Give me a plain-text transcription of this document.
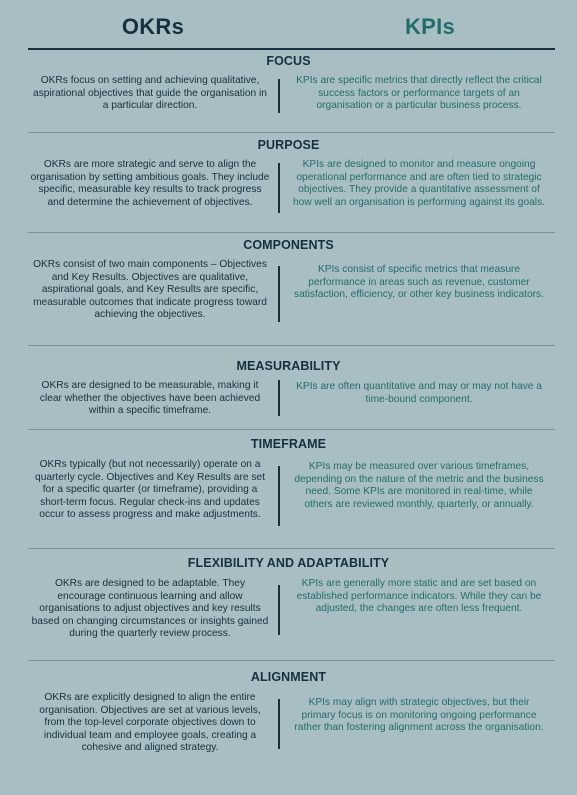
OKRs	KPIs
FOCUS
OKRs focus on setting and achieving qualitative, aspirational objectives that guide the organisation in a particular direction.
KPIs are specific metrics that directly reflect the critical success factors or performance targets of an organisation or a particular business process.
PURPOSE
OKRs are more strategic and serve to align the organisation by setting ambitious goals. They include specific, measurable key results to track progress and determine the achievement of objectives.
KPIs are designed to monitor and measure ongoing operational performance and are often tied to strategic objectives. They provide a quantitative assessment of how well an organisation is performing against its goals.
COMPONENTS
OKRs consist of two main components – Objectives and Key Results. Objectives are qualitative, aspirational goals, and Key Results are specific, measurable outcomes that indicate progress toward achieving the objectives.
KPIs consist of specific metrics that measure performance in areas such as revenue, customer satisfaction, efficiency, or other key business indicators.
MEASURABILITY
OKRs are designed to be measurable, making it clear whether the objectives have been achieved within a specific timeframe.
KPIs are often quantitative and may or may not have a time-bound component.
TIMEFRAME
OKRs typically (but not necessarily) operate on a quarterly cycle. Objectives and Key Results are set for a specific quarter (or timeframe), providing a short-term focus. Regular check-ins and updates occur to assess progress and make adjustments.
KPIs may be measured over various timeframes, depending on the nature of the metric and the business need. Some KPIs are monitored in real-time, while others are reviewed monthly, quarterly, or annually.
FLEXIBILITY AND ADAPTABILITY
OKRs are designed to be adaptable. They encourage continuous learning and allow organisations to adjust objectives and key results based on changing circumstances or insights gained during the quarterly review process.
KPIs are generally more static and are set based on established performance indicators. While they can be adjusted, the changes are often less frequent.
ALIGNMENT
OKRs are explicitly designed to align the entire organisation. Objectives are set at various levels, from the top-level corporate objectives down to individual team and employee goals, creating a cohesive and aligned strategy.
KPIs may align with strategic objectives, but their primary focus is on monitoring ongoing performance rather than fostering alignment across the organisation.
